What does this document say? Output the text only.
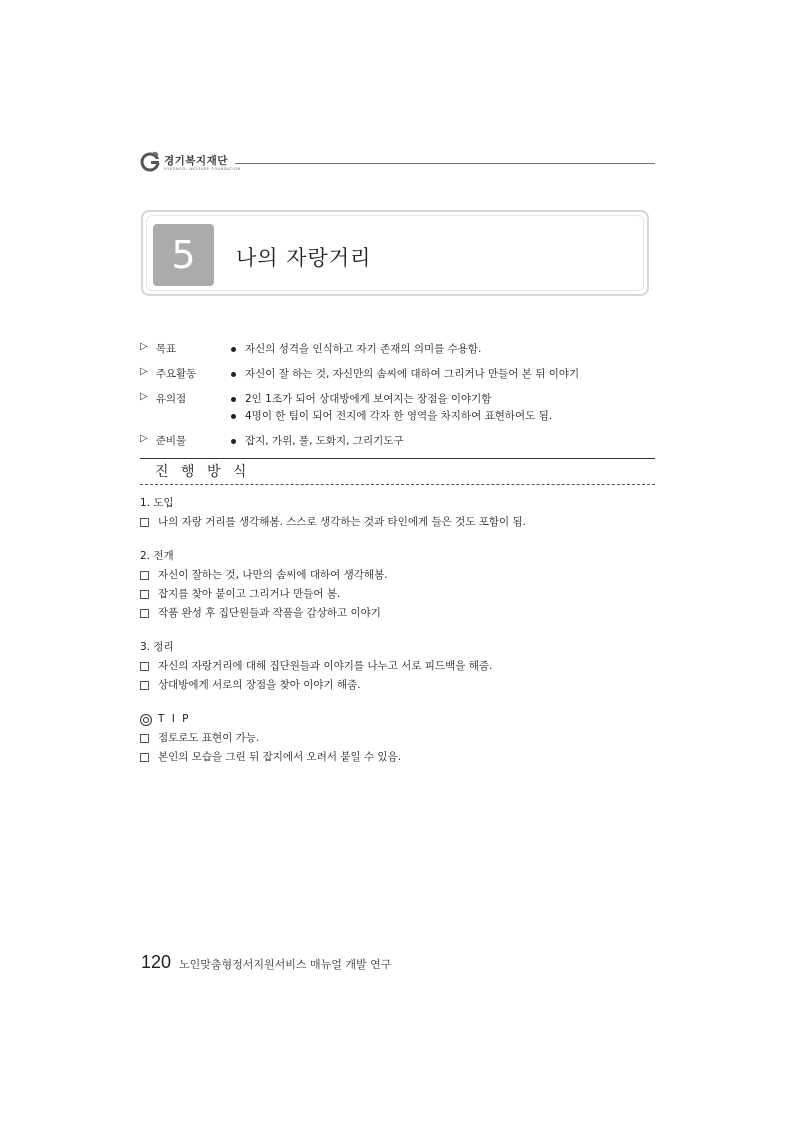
경기복지재단
GYEONGGI WELFARE FOUNDATION
5	나의 자랑거리
▷ 목표	자신의 성격을 인식하고 자기 존재의 의미를 수용함.
▷ 주요활동	자신이 잘 하는 것, 자신만의 솜씨에 대하여 그리거나 만들어 본 뒤 이야기
▷ 유의점	2인 1조가 되어 상대방에게 보여지는 장점을 이야기함
4명이 한 팀이 되어 전지에 각자 한 영역을 차지하여 표현하여도 됨.
▷ 준비물	잡지, 가위, 풀, 도화지, 그리기도구
진 행 방 식
1. 도입
나의 자랑 거리를 생각해봄. 스스로 생각하는 것과 타인에게 들은 것도 포함이 됨.
2. 전개
자신이 잘하는 것, 나만의 솜씨에 대하여 생각해봄.
잡지를 찾아 붙이고 그리거나 만들어 봄.
작품 완성 후 집단원들과 작품을 감상하고 이야기
3. 정리
자신의 자랑거리에 대해 집단원들과 이야기를 나누고 서로 피드백을 해줌.
상대방에게 서로의 장점을 찾아 이야기 해줌.
T I P
점토로도 표현이 가능.
본인의 모습을 그린 뒤 잡지에서 오려서 붙일 수 있음.
120 노인맞춤형정서지원서비스 매뉴얼 개발 연구
